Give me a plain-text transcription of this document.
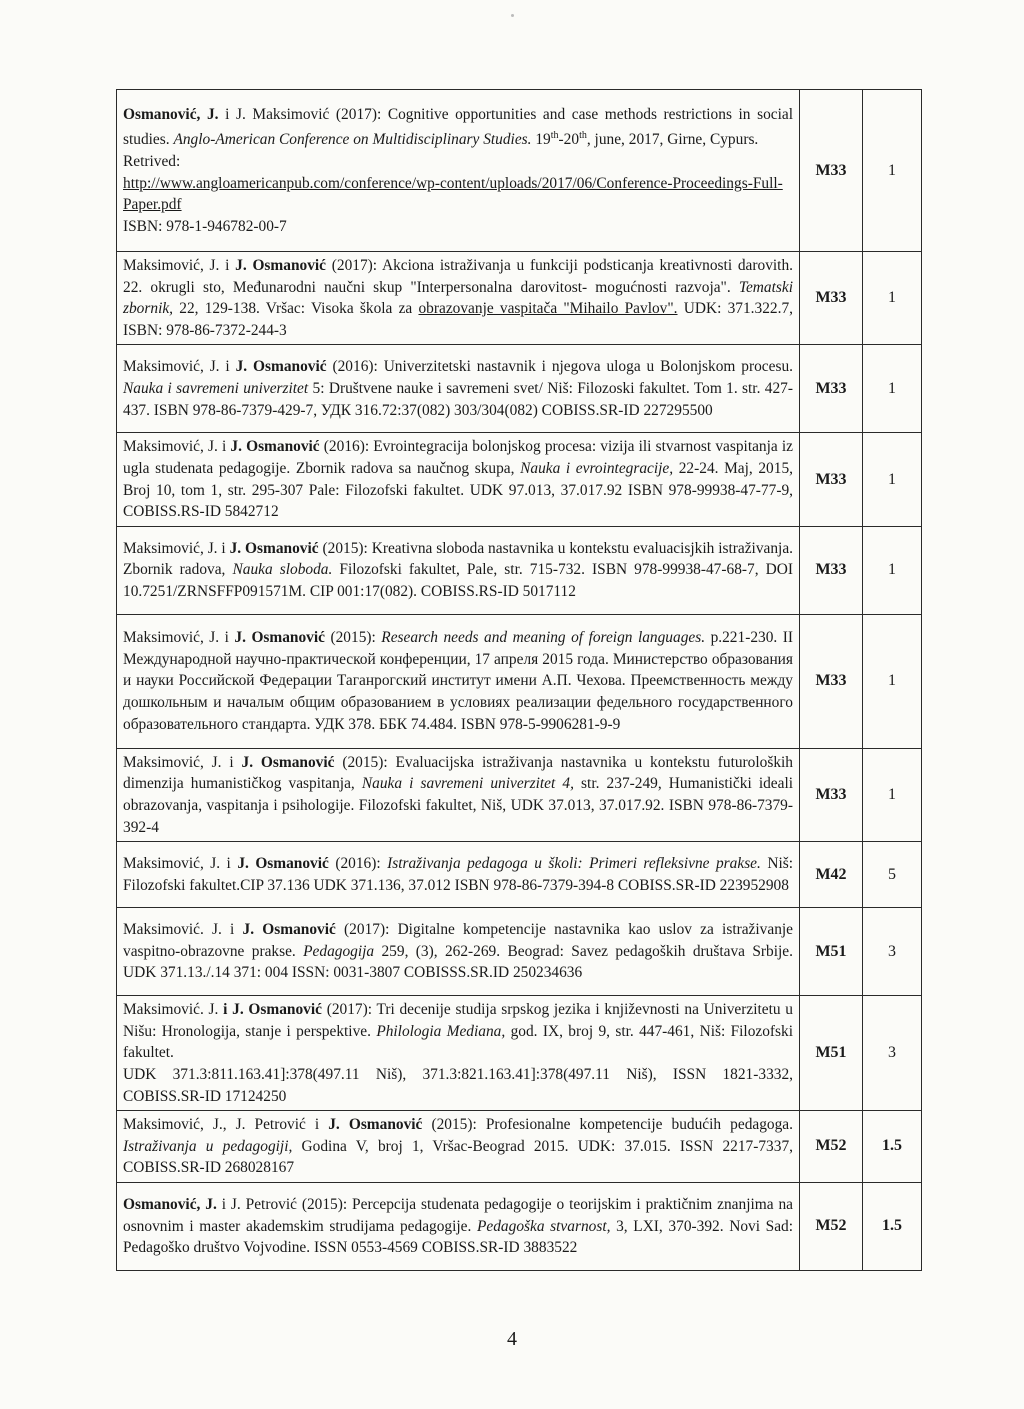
Osmanović, J. i J. Maksimović (2017): Cognitive opportunities and case methods restrictions in social studies. Anglo-American Conference on Multidisciplinary Studies. 19th-20th, june, 2017, Girne, Cypurs.
Retrived:
http://www.angloamericanpub.com/conference/wp-content/uploads/2017/06/Conference-Proceedings-Full-Paper.pdf
ISBN: 978-1-946782-00-7	M33	1
Maksimović, J. i J. Osmanović (2017): Akciona istraživanja u funkciji podsticanja kreativnosti darovith. 22. okrugli sto, Međunarodni naučni skup "Interpersonalna darovitost- mogućnosti razvoja". Tematski zbornik, 22, 129-138. Vršac: Visoka škola za obrazovanje vaspitača "Mihailo Pavlov". UDK: 371.322.7, ISBN: 978-86-7372-244-3	M33	1
Maksimović, J. i J. Osmanović (2016): Univerzitetski nastavnik i njegova uloga u Bolonjskom procesu. Nauka i savremeni univerzitet 5: Društvene nauke i savremeni svet/ Niš: Filozoski fakultet. Tom 1. str. 427-437. ISBN 978-86-7379-429-7, УДК 316.72:37(082) 303/304(082) COBISS.SR-ID 227295500	M33	1
Maksimović, J. i J. Osmanović (2016): Evrointegracija bolonjskog procesa: vizija ili stvarnost vaspitanja iz ugla studenata pedagogije. Zbornik radova sa naučnog skupa, Nauka i evrointegracije, 22-24. Maj, 2015, Broj 10, tom 1, str. 295-307 Pale: Filozofski fakultet. UDK 97.013, 37.017.92 ISBN 978-99938-47-77-9, COBISS.RS-ID 5842712	M33	1
Maksimović, J. i J. Osmanović (2015): Kreativna sloboda nastavnika u kontekstu evaluacisjkih istraživanja. Zbornik radova, Nauka sloboda. Filozofski fakultet, Pale, str. 715-732. ISBN 978-99938-47-68-7, DOI 10.7251/ZRNSFFP091571M. CIP 001:17(082). COBISS.RS-ID 5017112	M33	1
Maksimović, J. i J. Osmanović (2015): Research needs and meaning of foreign languages. p.221-230. II Международной научно-практической конференции, 17 апреля 2015 года. Министерство образования и науки Российской Федерации Таганрогский институт имени А.П. Чехова. Преемственность между дошкольным и началым общим образованием в условиях реализации федельного государственного образовательного стандарта. УДК 378. ББК 74.484. ISBN 978-5-9906281-9-9	M33	1
Maksimović, J. i J. Osmanović (2015): Evaluacijska istraživanja nastavnika u kontekstu futuroloških dimenzija humanističkog vaspitanja, Nauka i savremeni univerzitet 4, str. 237-249, Humanistički ideali obrazovanja, vaspitanja i psihologije. Filozofski fakultet, Niš, UDK 37.013, 37.017.92. ISBN 978-86-7379-392-4	M33	1
Maksimović, J. i J. Osmanović (2016): Istraživanja pedagoga u školi: Primeri refleksivne prakse. Niš: Filozofski fakultet.CIP 37.136 UDK 371.136, 37.012 ISBN 978-86-7379-394-8 COBISS.SR-ID 223952908	M42	5
Maksimović. J. i J. Osmanović (2017): Digitalne kompetencije nastavnika kao uslov za istraživanje vaspitno-obrazovne prakse. Pedagogija 259, (3), 262-269. Beograd: Savez pedagoških društava Srbije. UDK 371.13./.14 371: 004 ISSN: 0031-3807 COBISSS.SR.ID 250234636	M51	3
Maksimović. J. i J. Osmanović (2017): Tri decenije studija srpskog jezika i književnosti na Univerzitetu u Nišu: Hronologija, stanje i perspektive. Philologia Mediana, god. IX, broj 9, str. 447-461, Niš: Filozofski fakultet.
UDK 371.3:811.163.41]:378(497.11 Niš), 371.3:821.163.41]:378(497.11 Niš), ISSN 1821-3332, COBISS.SR-ID 17124250	M51	3
Maksimović, J., J. Petrović i J. Osmanović (2015): Profesionalne kompetencije budućih pedagoga. Istraživanja u pedagogiji, Godina V, broj 1, Vršac-Beograd 2015. UDK: 37.015. ISSN 2217-7337, COBISS.SR-ID 268028167	M52	1.5
Osmanović, J. i J. Petrović (2015): Percepcija studenata pedagogije o teorijskim i praktičnim znanjima na osnovnim i master akademskim strudijama pedagogije. Pedagoška stvarnost, 3, LXI, 370-392. Novi Sad: Pedagoško društvo Vojvodine. ISSN 0553-4569 COBISS.SR-ID 3883522	M52	1.5
4
